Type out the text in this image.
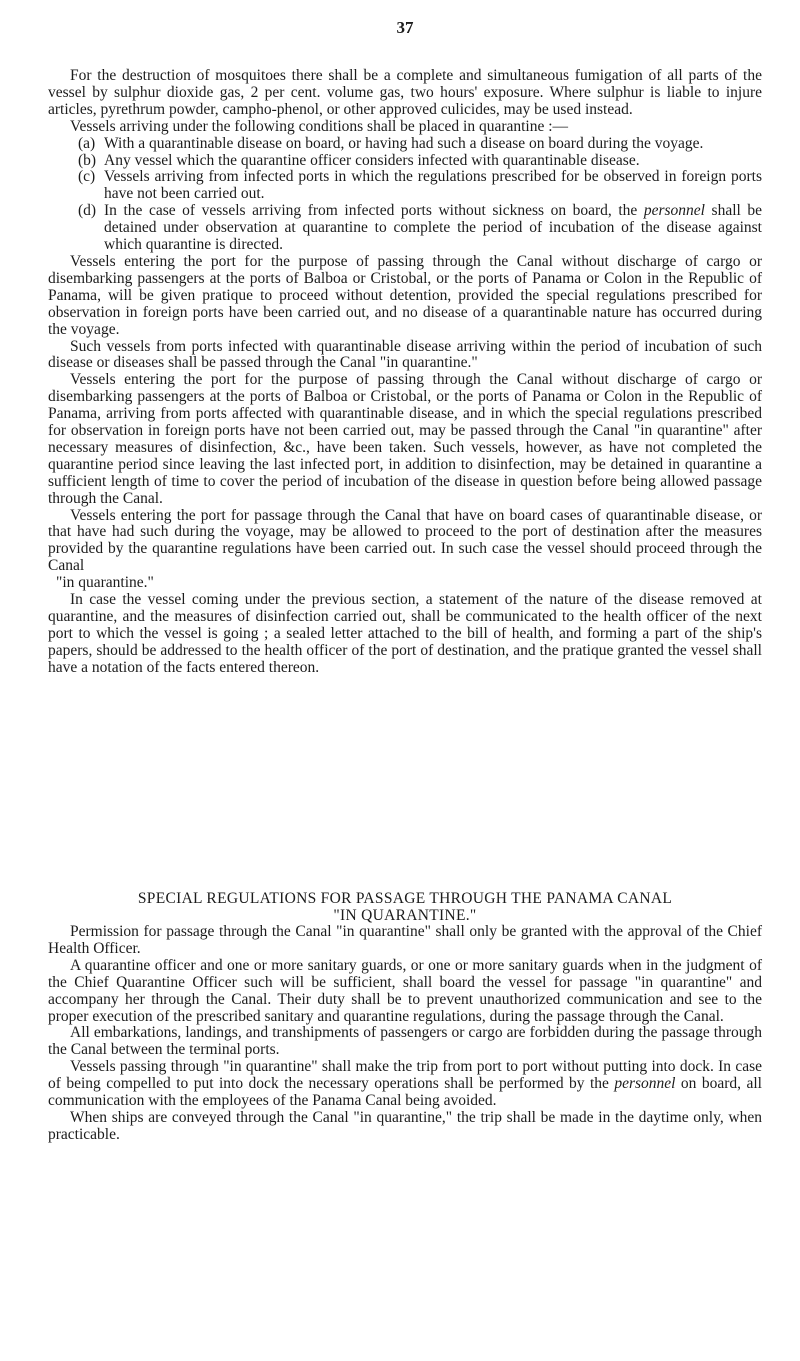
37

For the destruction of mosquitoes there shall be a complete and simultaneous fumigation of all parts of the vessel by sulphur dioxide gas, 2 per cent. volume gas, two hours' exposure. Where sulphur is liable to injure articles, pyrethrum powder, campho-phenol, or other approved culicides, may be used instead.

Vessels arriving under the following conditions shall be placed in quarantine :—

(a) With a quarantinable disease on board, or having had such a disease on board during the voyage.
(b) Any vessel which the quarantine officer considers infected with quarantinable disease.
(c) Vessels arriving from infected ports in which the regulations prescribed for be observed in foreign ports have not been carried out.
(d) In the case of vessels arriving from infected ports without sickness on board, the personnel shall be detained under observation at quarantine to complete the period of incubation of the disease against which quarantine is directed.

Vessels entering the port for the purpose of passing through the Canal without discharge of cargo or disembarking passengers at the ports of Balboa or Cristobal, or the ports of Panama or Colon in the Republic of Panama, will be given pratique to proceed without detention, provided the special regulations prescribed for observation in foreign ports have been carried out, and no disease of a quarantinable nature has occurred during the voyage.

Such vessels from ports infected with quarantinable disease arriving within the period of incubation of such disease or diseases shall be passed through the Canal "in quarantine."

Vessels entering the port for the purpose of passing through the Canal without discharge of cargo or disembarking passengers at the ports of Balboa or Cristobal, or the ports of Panama or Colon in the Republic of Panama, arriving from ports affected with quarantinable disease, and in which the special regulations prescribed for observation in foreign ports have not been carried out, may be passed through the Canal "in quarantine" after necessary measures of disinfection, &c., have been taken. Such vessels, however, as have not completed the quarantine period since leaving the last infected port, in addition to disinfection, may be detained in quarantine a sufficient length of time to cover the period of incubation of the disease in question before being allowed passage through the Canal.

Vessels entering the port for passage through the Canal that have on board cases of quarantinable disease, or that have had such during the voyage, may be allowed to proceed to the port of destination after the measures provided by the quarantine regulations have been carried out. In such case the vessel should proceed through the Canal

"in quarantine."

In case the vessel coming under the previous section, a statement of the nature of the disease removed at quarantine, and the measures of disinfection carried out, shall be communicated to the health officer of the next port to which the vessel is going ; a sealed letter attached to the bill of health, and forming a part of the ship's papers, should be addressed to the health officer of the port of destination, and the pratique granted the vessel shall have a notation of the facts entered thereon.

SPECIAL REGULATIONS FOR PASSAGE THROUGH THE PANAMA CANAL
"IN QUARANTINE."

Permission for passage through the Canal "in quarantine" shall only be granted with the approval of the Chief Health Officer.

A quarantine officer and one or more sanitary guards, or one or more sanitary guards when in the judgment of the Chief Quarantine Officer such will be sufficient, shall board the vessel for passage "in quarantine" and accompany her through the Canal. Their duty shall be to prevent unauthorized communication and see to the proper execution of the prescribed sanitary and quarantine regulations, during the passage through the Canal.

All embarkations, landings, and transhipments of passengers or cargo are forbidden during the passage through the Canal between the terminal ports.

Vessels passing through "in quarantine" shall make the trip from port to port without putting into dock. In case of being compelled to put into dock the necessary operations shall be performed by the personnel on board, all communication with the employees of the Panama Canal being avoided.

When ships are conveyed through the Canal "in quarantine," the trip shall be made in the daytime only, when practicable.
